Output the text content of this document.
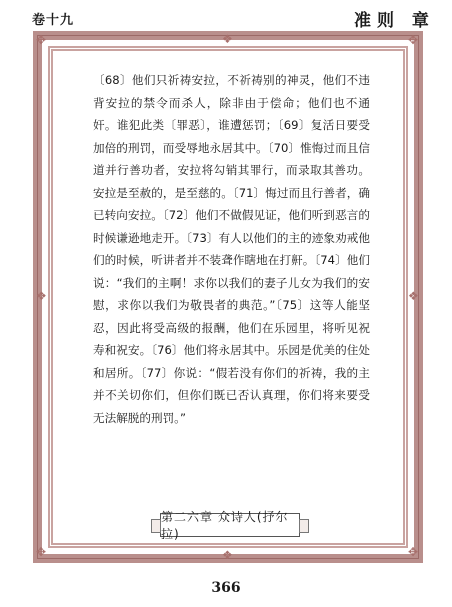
卷十九	准则 章
✥	✥
✥	✥
❖
❖
❖	❖
〔68〕他们只祈祷安拉，不祈祷别的神灵，他们不违背安拉的禁令而杀人，除非由于偿命；他们也不通奸。谁犯此类〔罪恶〕，谁遭惩罚；〔69〕复活日要受加倍的刑罚，而受辱地永居其中。〔70〕惟悔过而且信道并行善功者，安拉将勾销其罪行，而录取其善功。安拉是至赦的，是至慈的。〔71〕悔过而且行善者，确已转向安拉。〔72〕他们不做假见证，他们听到恶言的时候谦逊地走开。〔73〕有人以他们的主的迹象劝戒他们的时候，听讲者并不装聋作瞎地在打鼾。〔74〕他们说：“我们的主啊！求你以我们的妻子儿女为我们的安慰，求你以我们为敬畏者的典范。”〔75〕这等人能坚忍，因此将受高级的报酬，他们在乐园里，将听见祝寿和祝安。〔76〕他们将永居其中。乐园是优美的住处和居所。〔77〕你说：“假若没有你们的祈祷，我的主并不关切你们，但你们既已否认真理，你们将来要受无法解脱的刑罚。”
第二六章 众诗人(抒尔拉)
366
